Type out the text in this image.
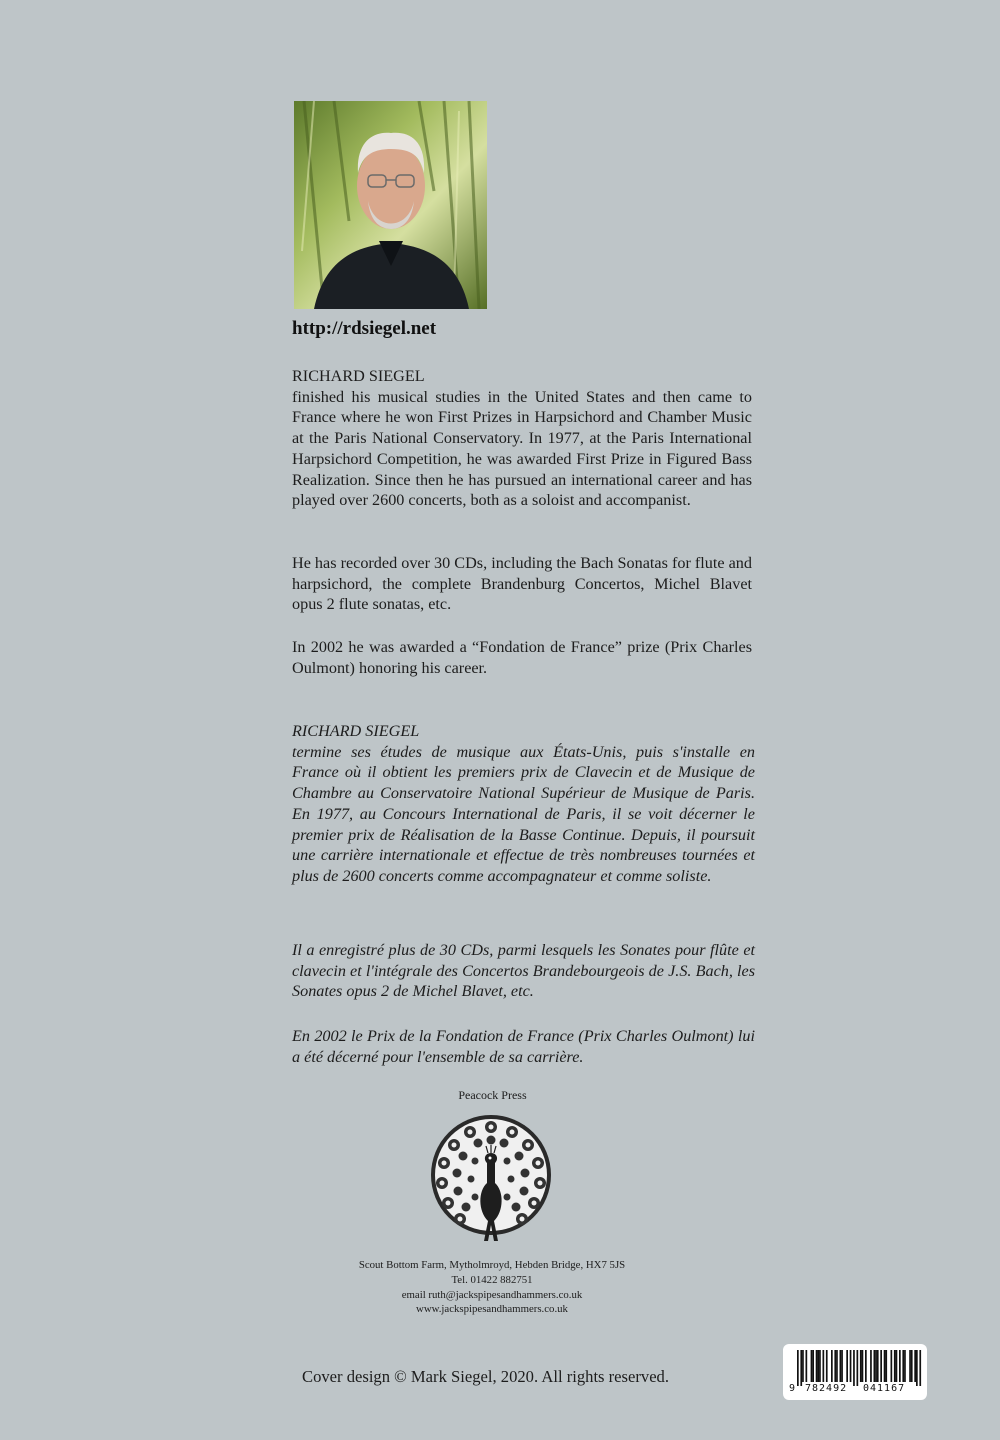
http://rdsiegel.net
RICHARD SIEGEL
finished his musical studies in the United States and then came to France where he won First Prizes in Harpsichord and Chamber Music at the Paris National Conservatory. In 1977, at the Paris International Harpsichord Competition, he was awarded First Prize in Figured Bass Realization. Since then he has pursued an international career and has played over 2600 concerts, both as a soloist and accompanist.

He has recorded over 30 CDs, including the Bach Sonatas for flute and harpsichord, the complete Brandenburg Concertos, Michel Blavet opus 2 flute sonatas, etc.

In 2002 he was awarded a “Fondation de France” prize (Prix Charles Oulmont) honoring his career.

RICHARD SIEGEL
termine ses études de musique aux États-Unis, puis s'installe en France où il obtient les premiers prix de Clavecin et de Musique de Chambre au Conservatoire National Supérieur de Musique de Paris. En 1977, au Concours International de Paris, il se voit décerner le premier prix de Réalisation de la Basse Continue. Depuis, il poursuit une carrière internationale et effectue de très nombreuses tournées et plus de 2600 concerts comme accompagnateur et comme soliste.

Il a enregistré plus de 30 CDs, parmi lesquels les Sonates pour flûte et clavecin et l'intégrale des Concertos Brandebourgeois de J.S. Bach, les Sonates opus 2 de Michel Blavet, etc.

En 2002 le Prix de la Fondation de France (Prix Charles Oulmont) lui a été décerné pour l'ensemble de sa carrière.

Peacock Press
Scout Bottom Farm, Mytholmroyd, Hebden Bridge, HX7 5JS
Tel. 01422 882751
email ruth@jackspipesandhammers.co.uk
www.jackspipesandhammers.co.uk
Cover design © Mark Siegel, 2020. All rights reserved.
9 782492 041167
